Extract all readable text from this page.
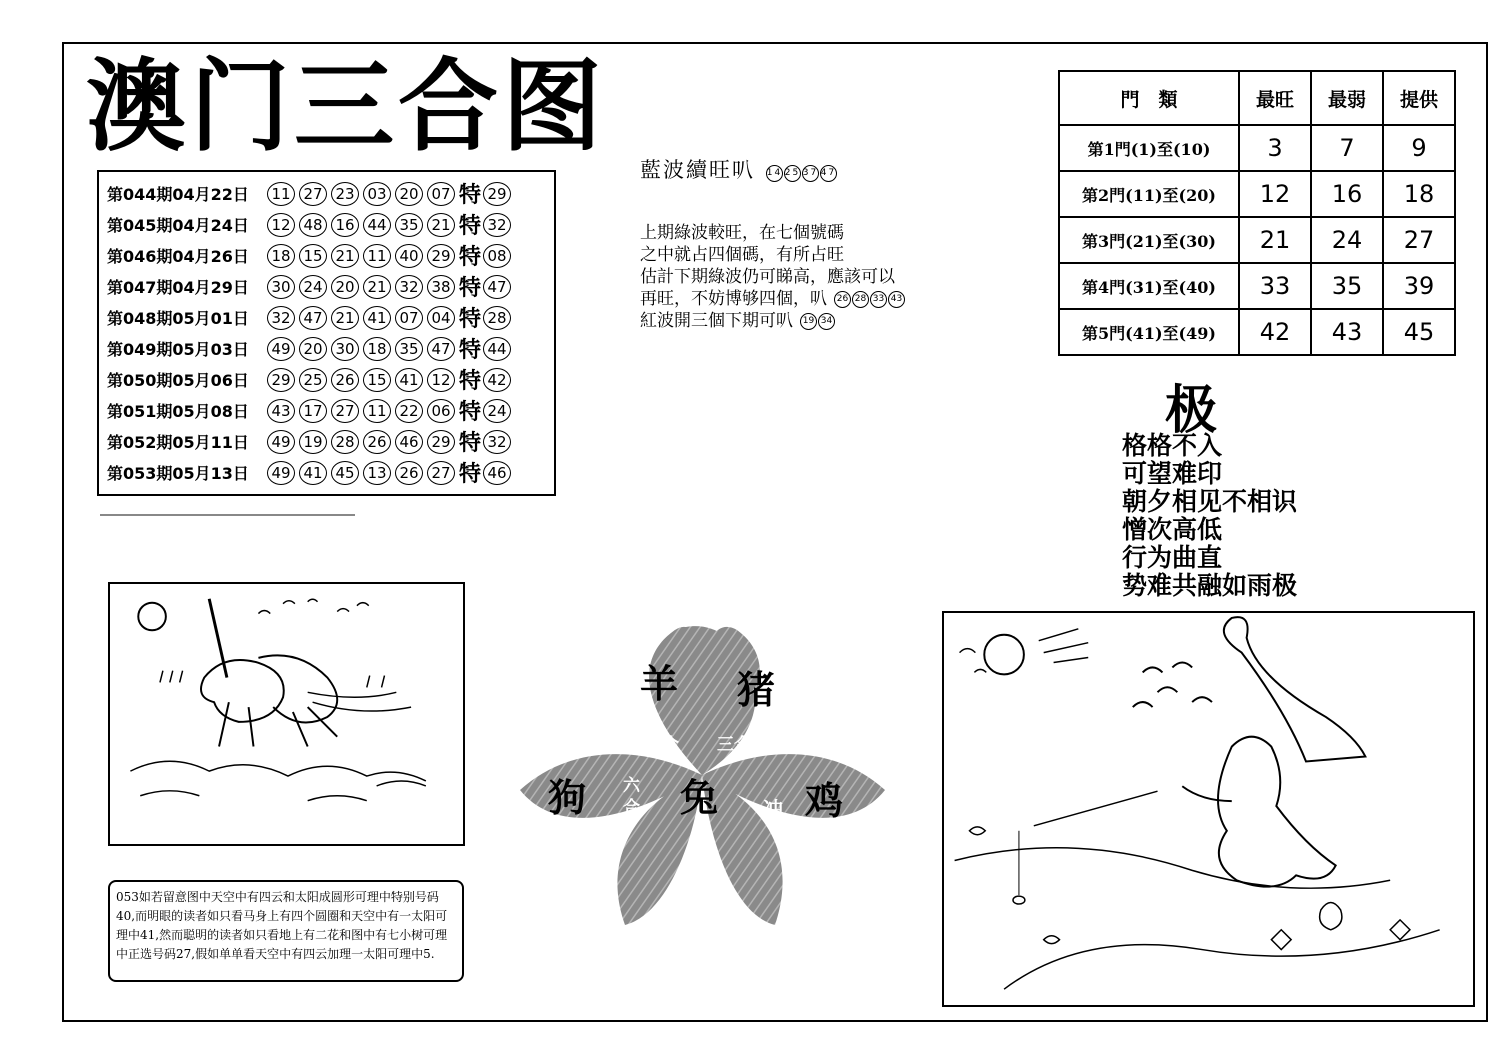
澳门三合图
第044期04月22日	11 27 23 03 20 07 特 29
第045期04月24日	12 48 16 44 35 21 特 32
第046期04月26日	18 15 21 11 40 29 特 08
第047期04月29日	30 24 20 21 32 38 特 47
第048期05月01日	32 47 21 41 07 04 特 28
第049期05月03日	49 20 30 18 35 47 特 44
第050期05月06日	29 25 26 15 41 12 特 42
第051期05月08日	43 17 27 11 22 06 特 24
第052期05月11日	49 19 28 26 46 29 特 32
第053期05月13日	49 41 45 13 26 27 特 46
藍波續旺叭 14 25 37 47
上期綠波較旺，在七個號碼
之中就占四個碼，有所占旺
估計下期綠波仍可睇高，應該可以
再旺，不妨博够四個，叭	26 28 33 43
紅波開三個下期可叭	19 34
門　類	最旺	最弱	提供
第1門(1)至(10)	3	7	9
第2門(11)至(20)	12	16	18
第3門(21)至(30)	21	24	27
第4門(31)至(40)	33	35	39
第5門(41)至(49)	42	43	45
极
格格不入
可望难印
朝夕相见不相识
憎次高低
行为曲直
势难共融如雨极
053如若留意图中天空中有四云和太阳成圆形可理中特别号码40,而明眼的读者如只看马身上有四个圆圈和天空中有一太阳可理中41,然而聪明的读者如只看地上有二花和图中有七小树可理中正选号码27,假如单单看天空中有四云加理一太阳可理中5.
羊 猪
狗 兔 鸡
三合 三合
六合	冲
